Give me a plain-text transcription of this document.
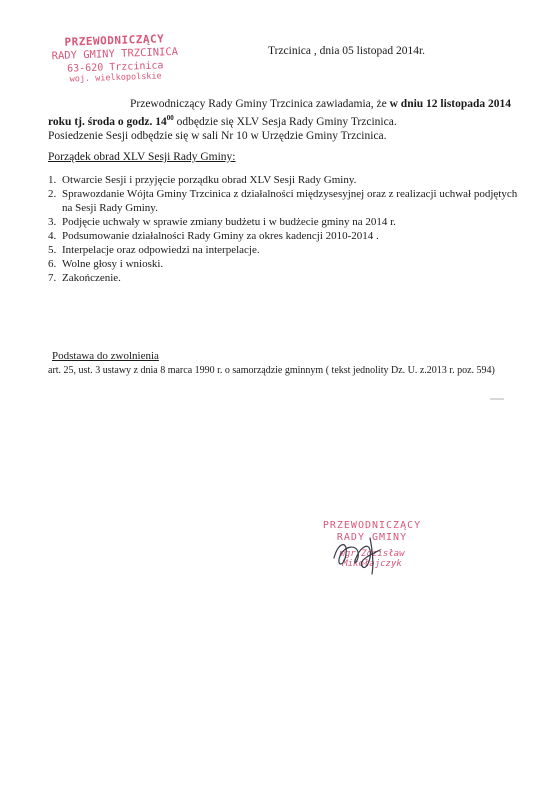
PRZEWODNICZĄCY
RADY GMINY TRZCINICA
63-620 Trzcinica
woj. wielkopolskie
Trzcinica , dnia 05 listopad 2014r.
Przewodniczący Rady Gminy Trzcinica zawiadamia, że w dniu 12 listopada 2014 roku tj. środa o godz. $14^{00}$ odbędzie się XLV Sesja Rady Gminy Trzcinica.
Posiedzenie Sesji odbędzie się w sali Nr 10 w Urzędzie Gminy Trzcinica.
Porządek obrad XLV Sesji Rady Gminy:
1. Otwarcie Sesji i przyjęcie porządku obrad XLV Sesji Rady Gminy.
2. Sprawozdanie Wójta Gminy Trzcinica z działalności międzysesyjnej oraz z realizacji uchwał podjętych na Sesji Rady Gminy.
3. Podjęcie uchwały w sprawie zmiany budżetu i w budżecie gminy na 2014 r.
4. Podsumowanie działalności Rady Gminy za okres kadencji 2010-2014 .
5. Interpelacje oraz odpowiedzi na interpelacje.
6. Wolne głosy i wnioski.
7. Zakończenie.
Podstawa do zwolnienia
art. 25, ust. 3 ustawy z dnia 8 marca 1990 r. o samorządzie gminnym ( tekst jednolity Dz. U. z.2013 r. poz. 594)
PRZEWODNICZĄCY
RADY GMINY
mgr Zdzisław Mikołajczyk
